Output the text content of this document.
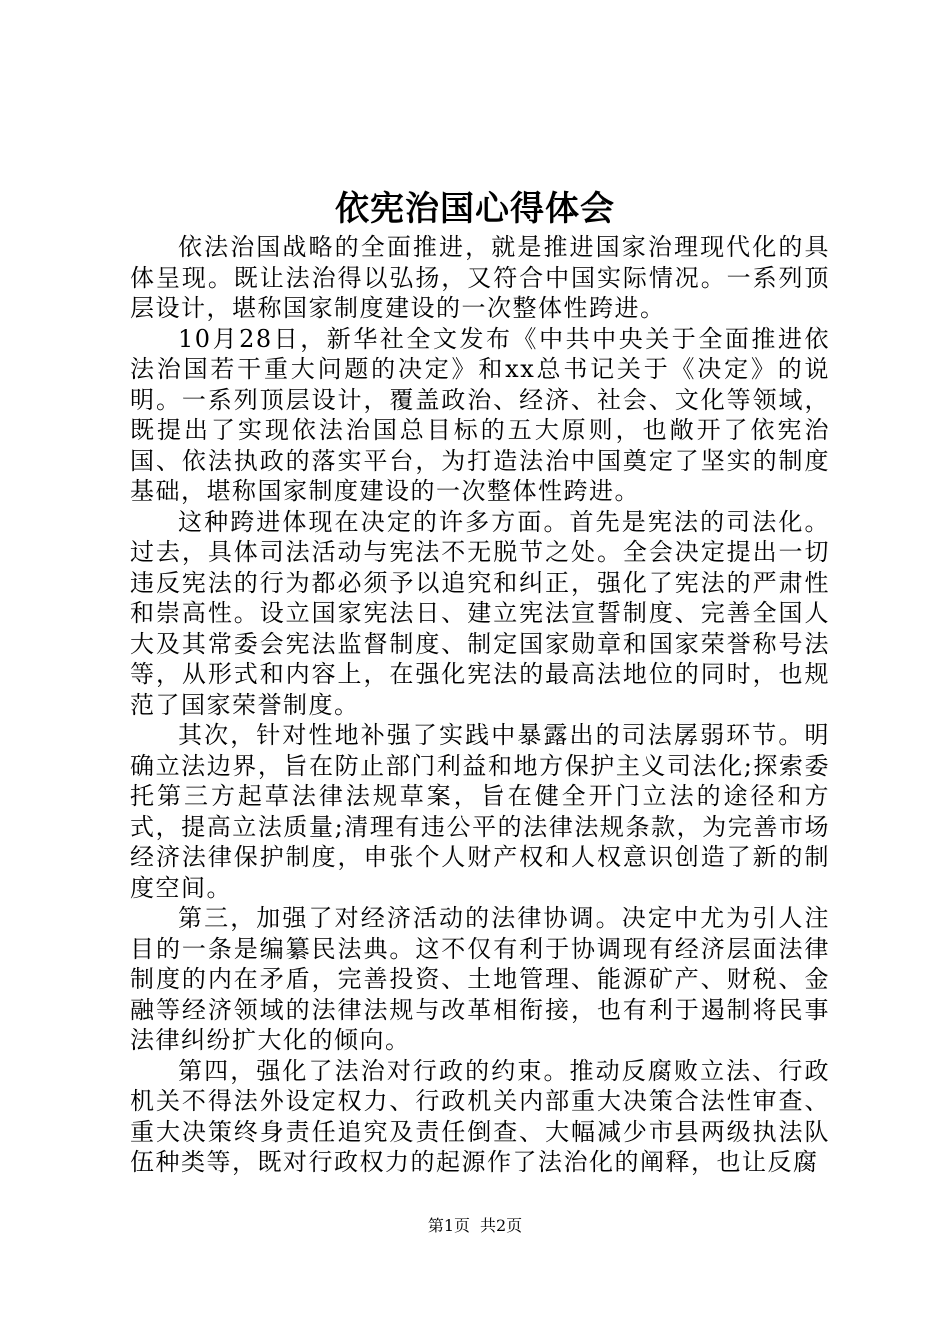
依宪治国心得体会

依法治国战略的全面推进，就是推进国家治理现代化的具体呈现。既让法治得以弘扬，又符合中国实际情况。一系列顶层设计，堪称国家制度建设的一次整体性跨进。

10月28日，新华社全文发布《中共中央关于全面推进依法治国若干重大问题的决定》和xx总书记关于《决定》的说明。一系列顶层设计，覆盖政治、经济、社会、文化等领域，既提出了实现依法治国总目标的五大原则，也敞开了依宪治国、依法执政的落实平台，为打造法治中国奠定了坚实的制度基础，堪称国家制度建设的一次整体性跨进。

这种跨进体现在决定的许多方面。首先是宪法的司法化。过去，具体司法活动与宪法不无脱节之处。全会决定提出一切违反宪法的行为都必须予以追究和纠正，强化了宪法的严肃性和崇高性。设立国家宪法日、建立宪法宣誓制度、完善全国人大及其常委会宪法监督制度、制定国家勋章和国家荣誉称号法等，从形式和内容上，在强化宪法的最高法地位的同时，也规范了国家荣誉制度。

其次，针对性地补强了实践中暴露出的司法孱弱环节。明确立法边界，旨在防止部门利益和地方保护主义司法化;探索委托第三方起草法律法规草案，旨在健全开门立法的途径和方式，提高立法质量;清理有违公平的法律法规条款，为完善市场经济法律保护制度，申张个人财产权和人权意识创造了新的制度空间。

第三，加强了对经济活动的法律协调。决定中尤为引人注目的一条是编纂民法典。这不仅有利于协调现有经济层面法律制度的内在矛盾，完善投资、土地管理、能源矿产、财税、金融等经济领域的法律法规与改革相衔接，也有利于遏制将民事法律纠纷扩大化的倾向。

第四，强化了法治对行政的约束。推动反腐败立法、行政机关不得法外设定权力、行政机关内部重大决策合法性审查、重大决策终身责任追究及责任倒查、大幅减少市县两级执法队伍种类等，既对行政权力的起源作了法治化的阐释，也让反腐

第1页 共2页
